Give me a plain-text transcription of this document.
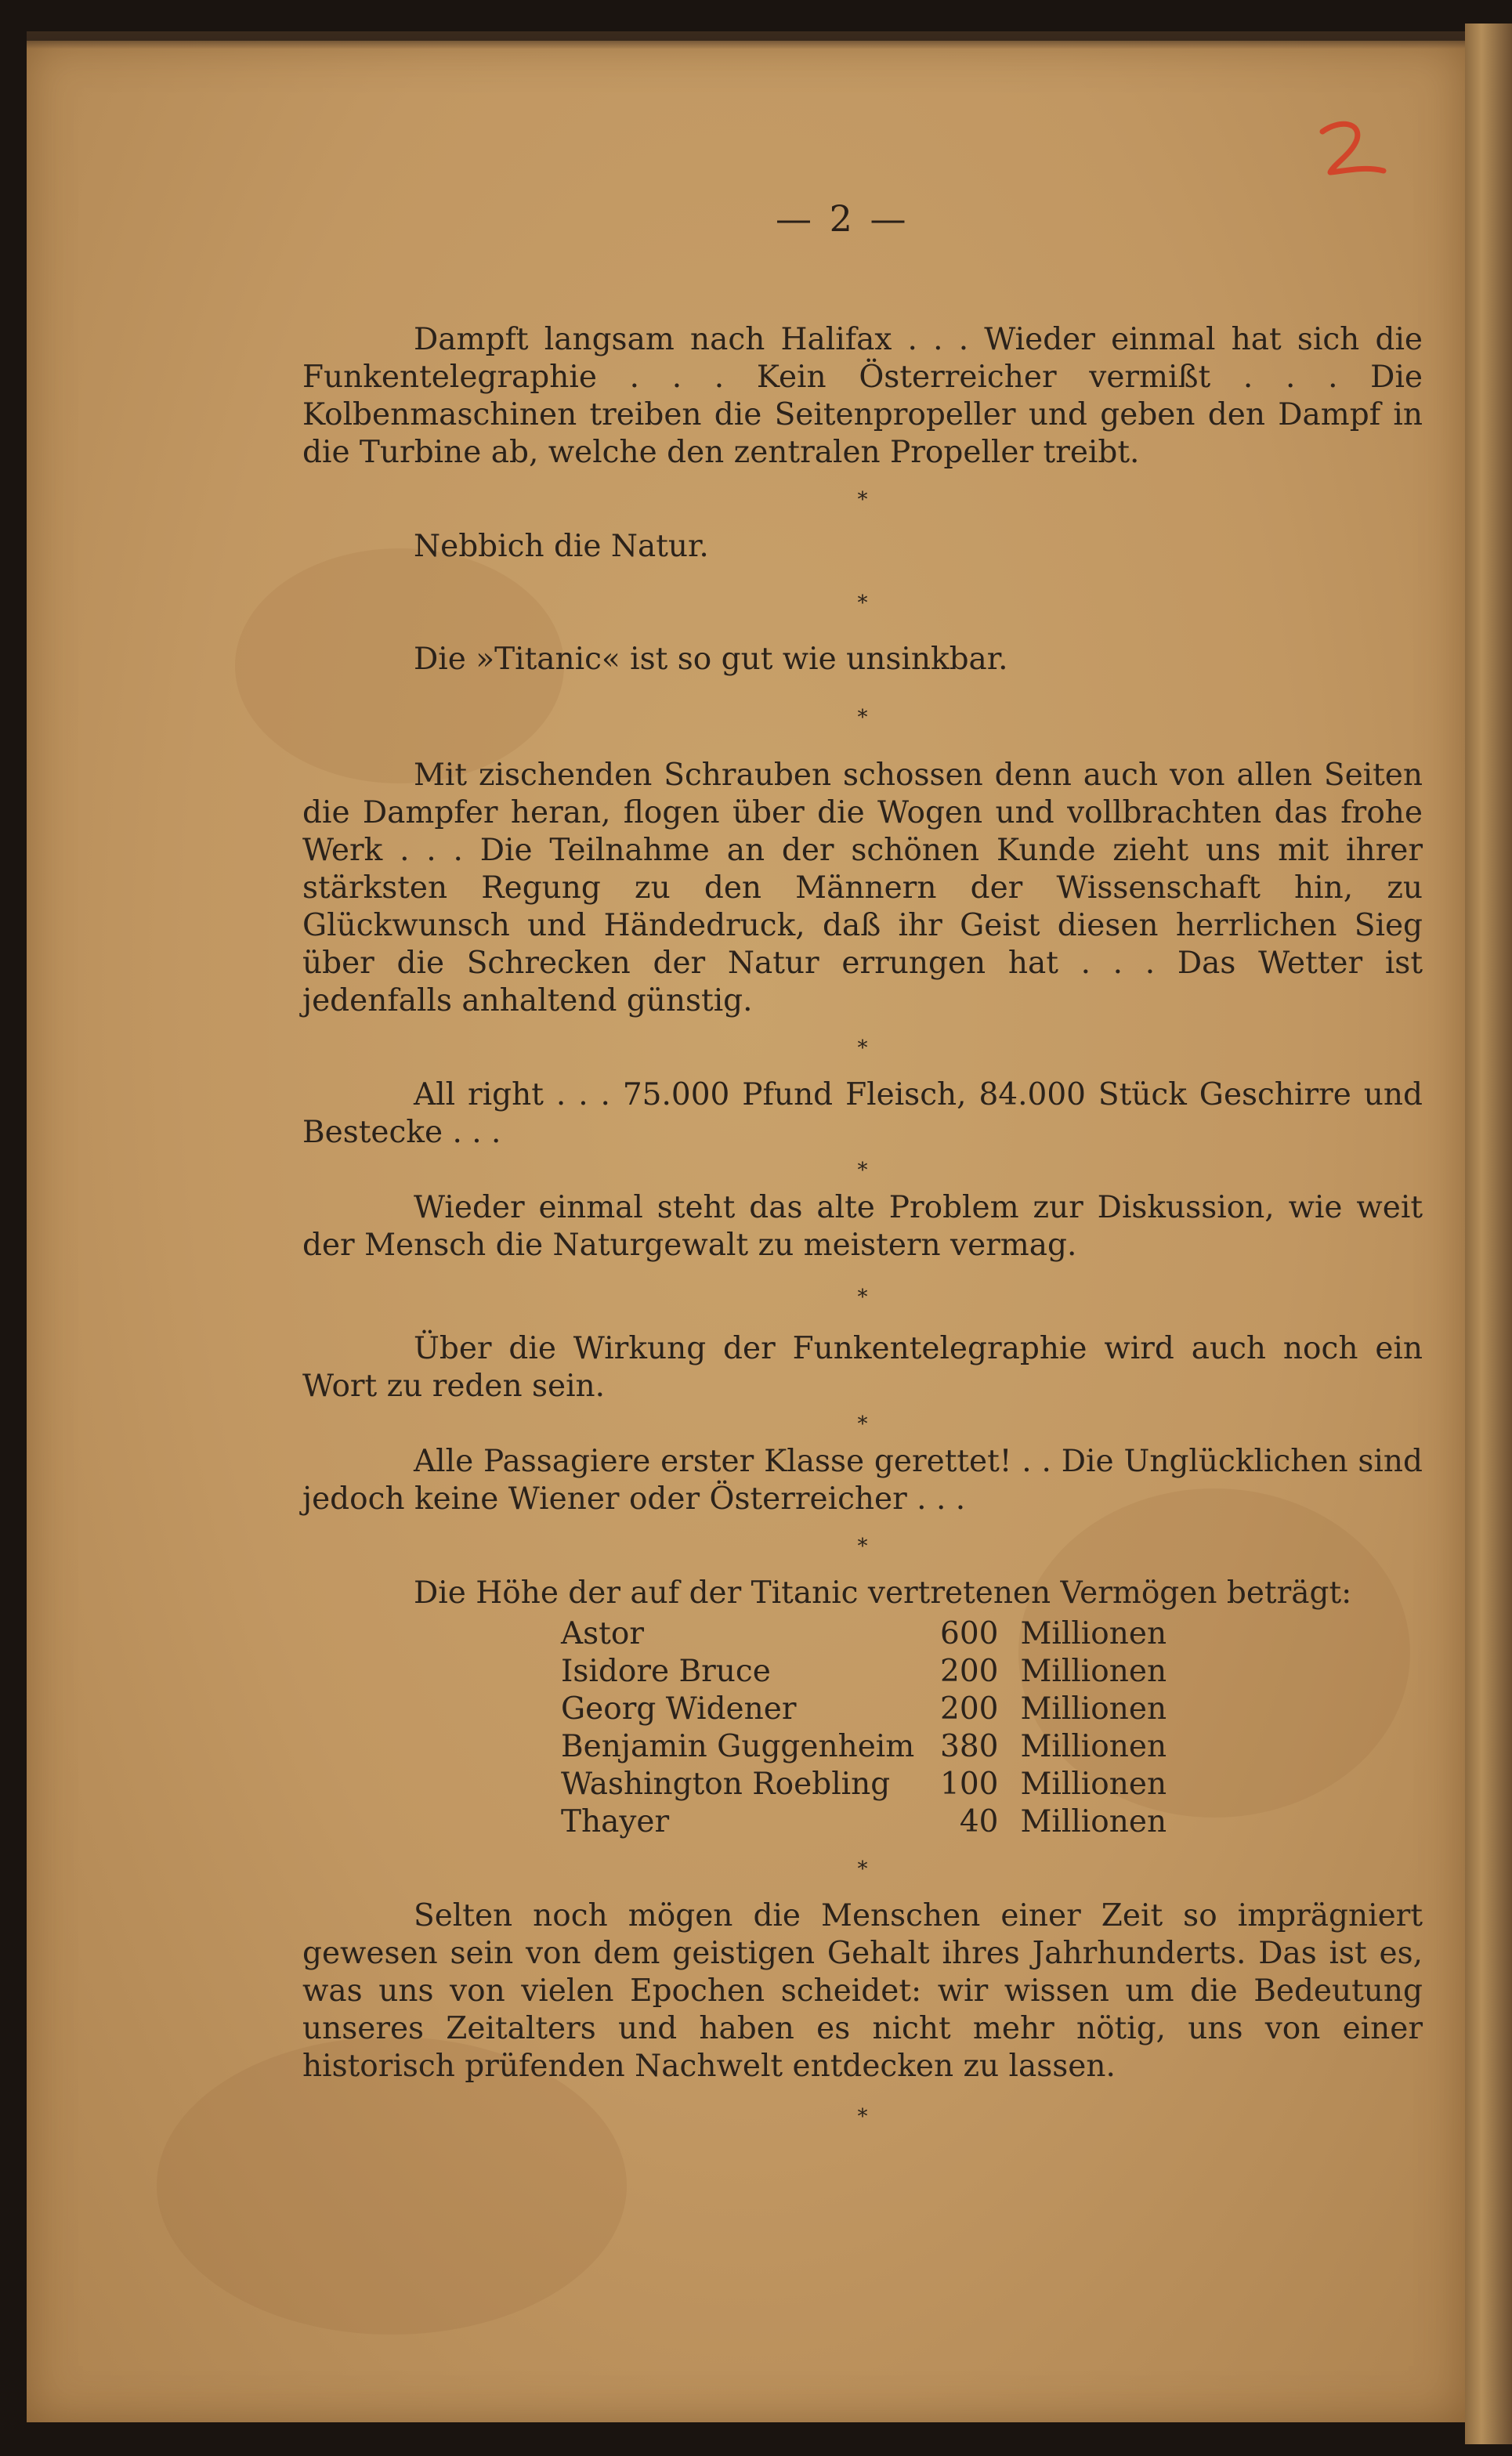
— 2 —

Dampft langsam nach Halifax . . . Wieder einmal hat sich die Funkentelegraphie . . . Kein Österreicher vermißt . . . Die Kolbenmaschinen treiben die Seitenpropeller und geben den Dampf in die Turbine ab, welche den zentralen Propeller treibt.

*

Nebbich die Natur.

*

Die »Titanic« ist so gut wie unsinkbar.

*

Mit zischenden Schrauben schossen denn auch von allen Seiten die Dampfer heran, flogen über die Wogen und vollbrachten das frohe Werk . . . Die Teilnahme an der schönen Kunde zieht uns mit ihrer stärksten Regung zu den Männern der Wissenschaft hin, zu Glückwunsch und Händedruck, daß ihr Geist diesen herrlichen Sieg über die Schrecken der Natur errungen hat . . . Das Wetter ist jedenfalls anhaltend günstig.

*

All right . . . 75.000 Pfund Fleisch, 84.000 Stück Geschirre und Bestecke . . .

*

Wieder einmal steht das alte Problem zur Diskussion, wie weit der Mensch die Naturgewalt zu meistern vermag.

*

Über die Wirkung der Funkentelegraphie wird auch noch ein Wort zu reden sein.

*

Alle Passagiere erster Klasse gerettet! . . Die Unglücklichen sind jedoch keine Wiener oder Österreicher . . .

*

Die Höhe der auf der Titanic vertretenen Vermögen beträgt:

Astor	600	Millionen
Isidore Bruce	200	Millionen
Georg Widener	200	Millionen
Benjamin Guggenheim	380	Millionen
Washington Roebling	100	Millionen
Thayer	40	Millionen
*

Selten noch mögen die Menschen einer Zeit so imprägniert gewesen sein von dem geistigen Gehalt ihres Jahrhunderts. Das ist es, was uns von vielen Epochen scheidet: wir wissen um die Bedeutung unseres Zeitalters und haben es nicht mehr nötig, uns von einer historisch prüfenden Nachwelt entdecken zu lassen.

*
